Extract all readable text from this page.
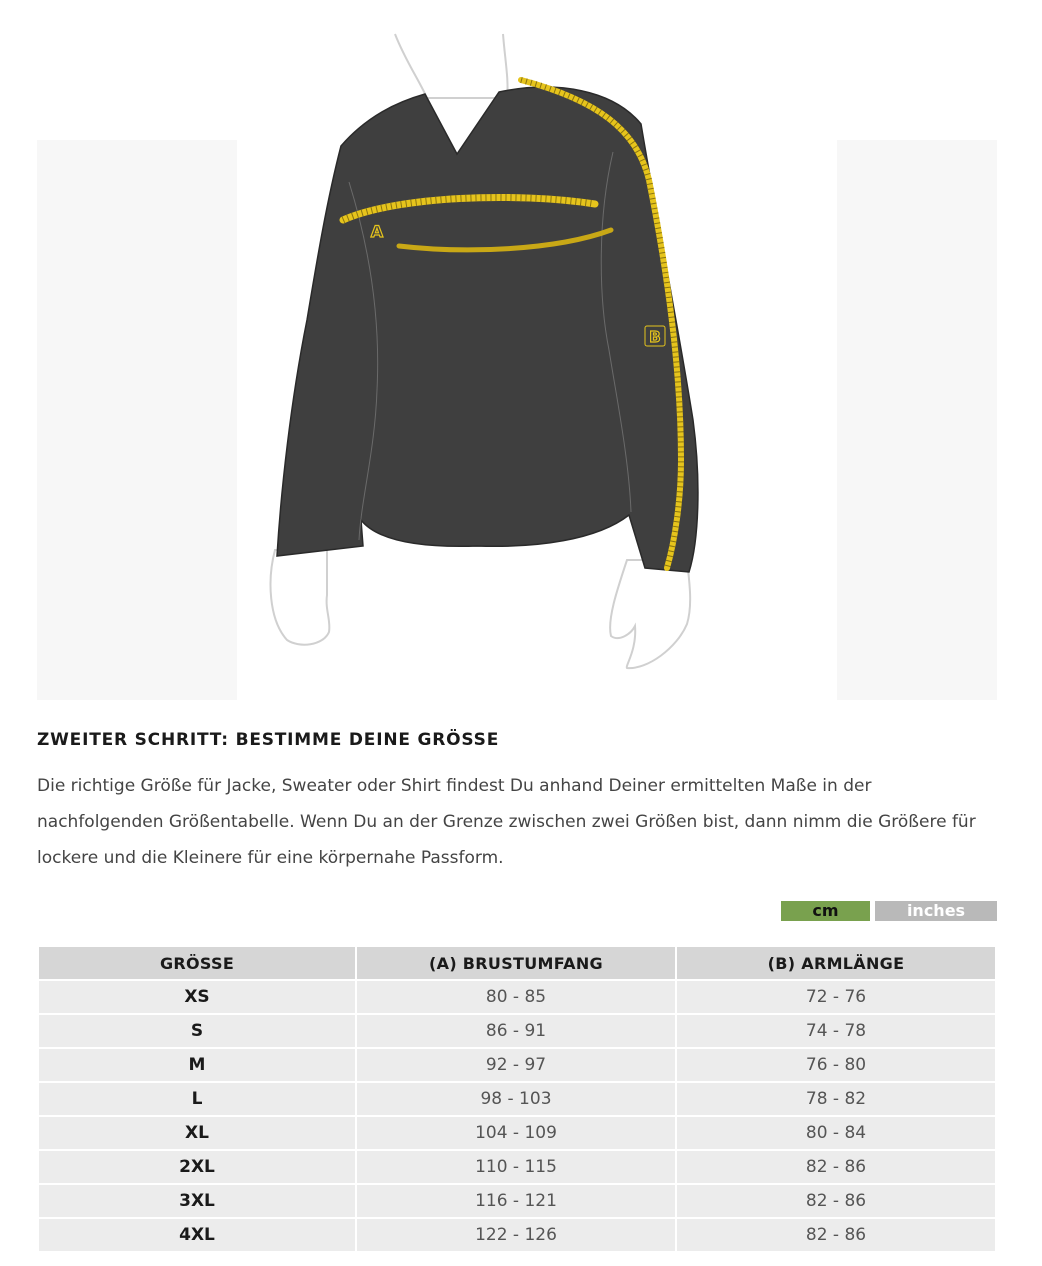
A
B
ZWEITER SCHRITT: BESTIMME DEINE GRÖSSE

Die richtige Größe für Jacke, Sweater oder Shirt findest Du anhand Deiner ermittelten Maße in der nachfolgenden Größentabelle. Wenn Du an der Grenze zwischen zwei Größen bist, dann nimm die Größere für lockere und die Kleinere für eine körpernahe Passform.

cm	inches
GRÖSSE	(A) BRUSTUMFANG	(B) ARMLÄNGE
XS	80 - 85	72 - 76
S	86 - 91	74 - 78
M	92 - 97	76 - 80
L	98 - 103	78 - 82
XL	104 - 109	80 - 84
2XL	110 - 115	82 - 86
3XL	116 - 121	82 - 86
4XL	122 - 126	82 - 86
